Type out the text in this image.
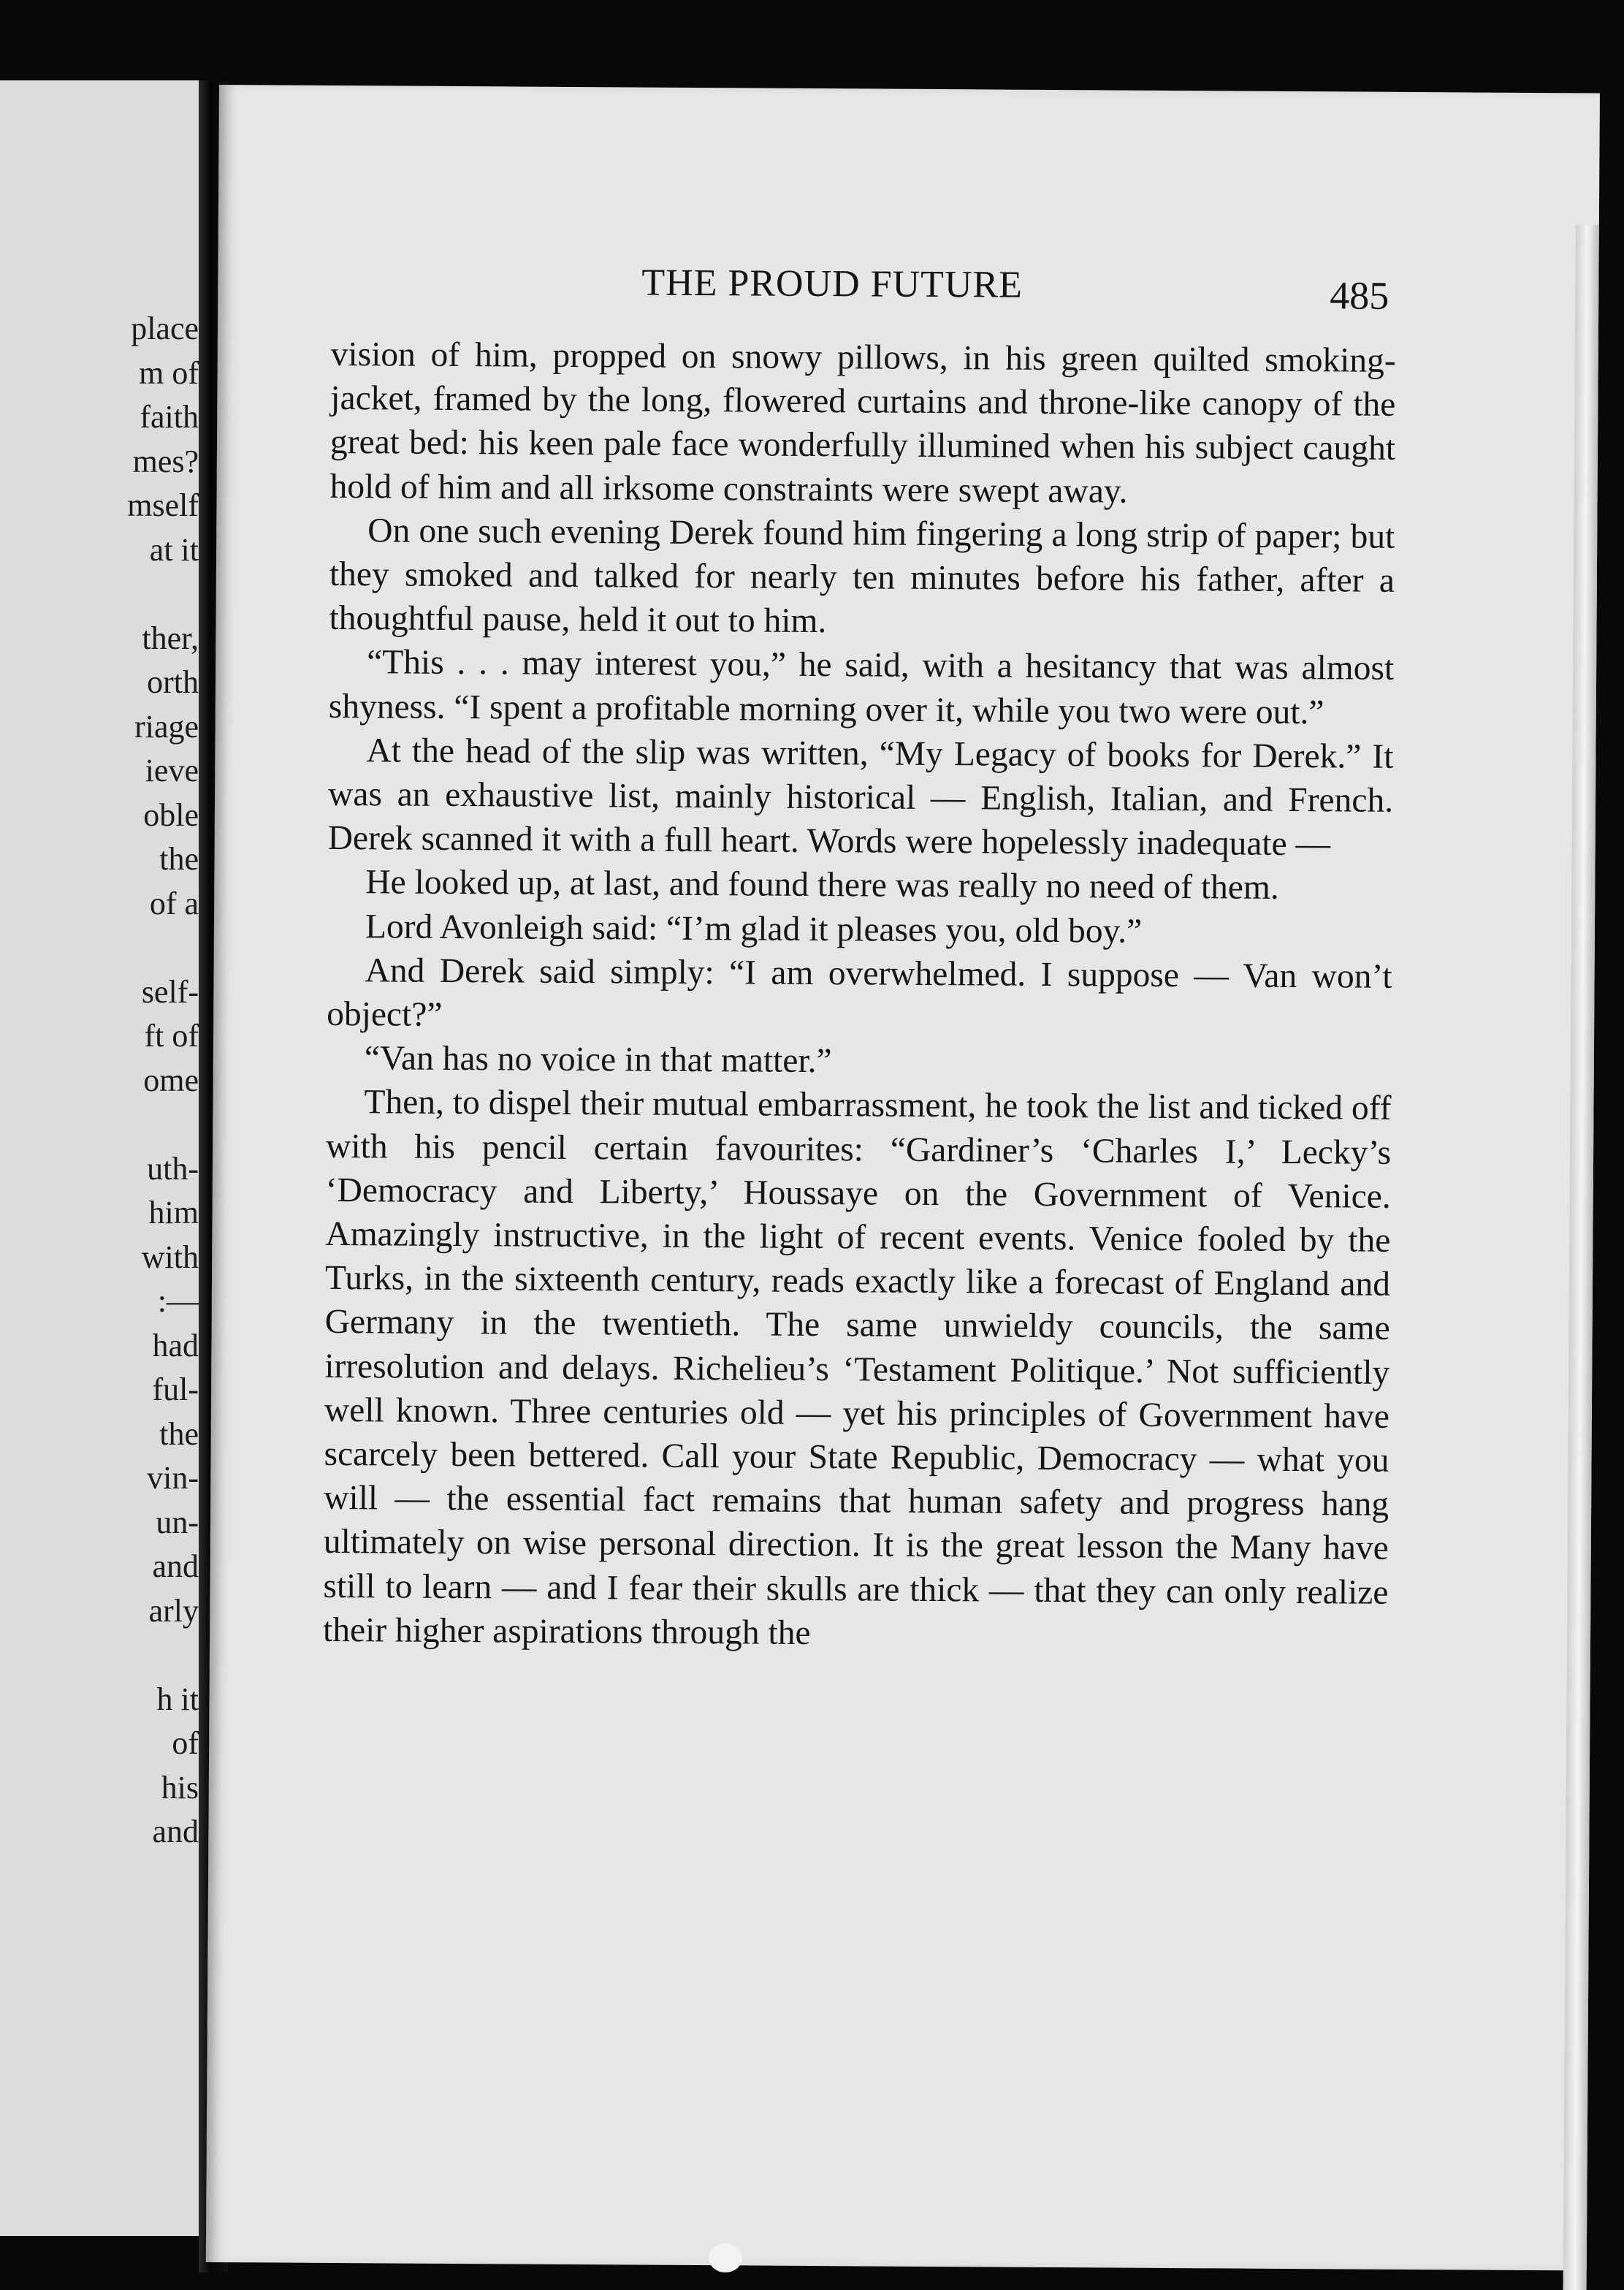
place
m of
faith
mes?
mself
at it
ther,
orth
riage
ieve
oble
the
of a
self-
ft of
ome
uth-
him
with
:—
had
ful-
the
vin-
un-
and
arly
h it
of
his
and
THE PROUD FUTURE	485

vision of him, propped on snowy pillows, in his green quilted smoking-jacket, framed by the long, flowered curtains and throne-like canopy of the great bed: his keen pale face wonderfully illumined when his subject caught hold of him and all irksome constraints were swept away.

On one such evening Derek found him fingering a long strip of paper; but they smoked and talked for nearly ten minutes before his father, after a thoughtful pause, held it out to him.

“This . . . may interest you,” he said, with a hesitancy that was almost shyness. “I spent a profitable morning over it, while you two were out.”

At the head of the slip was written, “My Legacy of books for Derek.” It was an exhaustive list, mainly historical — English, Italian, and French. Derek scanned it with a full heart. Words were hopelessly inadequate —

He looked up, at last, and found there was really no need of them.

Lord Avonleigh said: “I’m glad it pleases you, old boy.”

And Derek said simply: “I am overwhelmed. I suppose — Van won’t object?”

“Van has no voice in that matter.”

Then, to dispel their mutual embarrassment, he took the list and ticked off with his pencil certain favourites: “Gardiner’s ‘Charles I,’ Lecky’s ‘Democracy and Liberty,’ Houssaye on the Government of Venice. Amazingly instructive, in the light of recent events. Venice fooled by the Turks, in the sixteenth century, reads exactly like a forecast of England and Germany in the twentieth. The same unwieldy councils, the same irresolution and delays. Richelieu’s ‘Testament Politique.’ Not sufficiently well known. Three centuries old — yet his principles of Government have scarcely been bettered. Call your State Republic, Democracy — what you will — the essential fact remains that human safety and progress hang ultimately on wise personal direction. It is the great lesson the Many have still to learn — and I fear their skulls are thick — that they can only realize their higher aspirations through the
